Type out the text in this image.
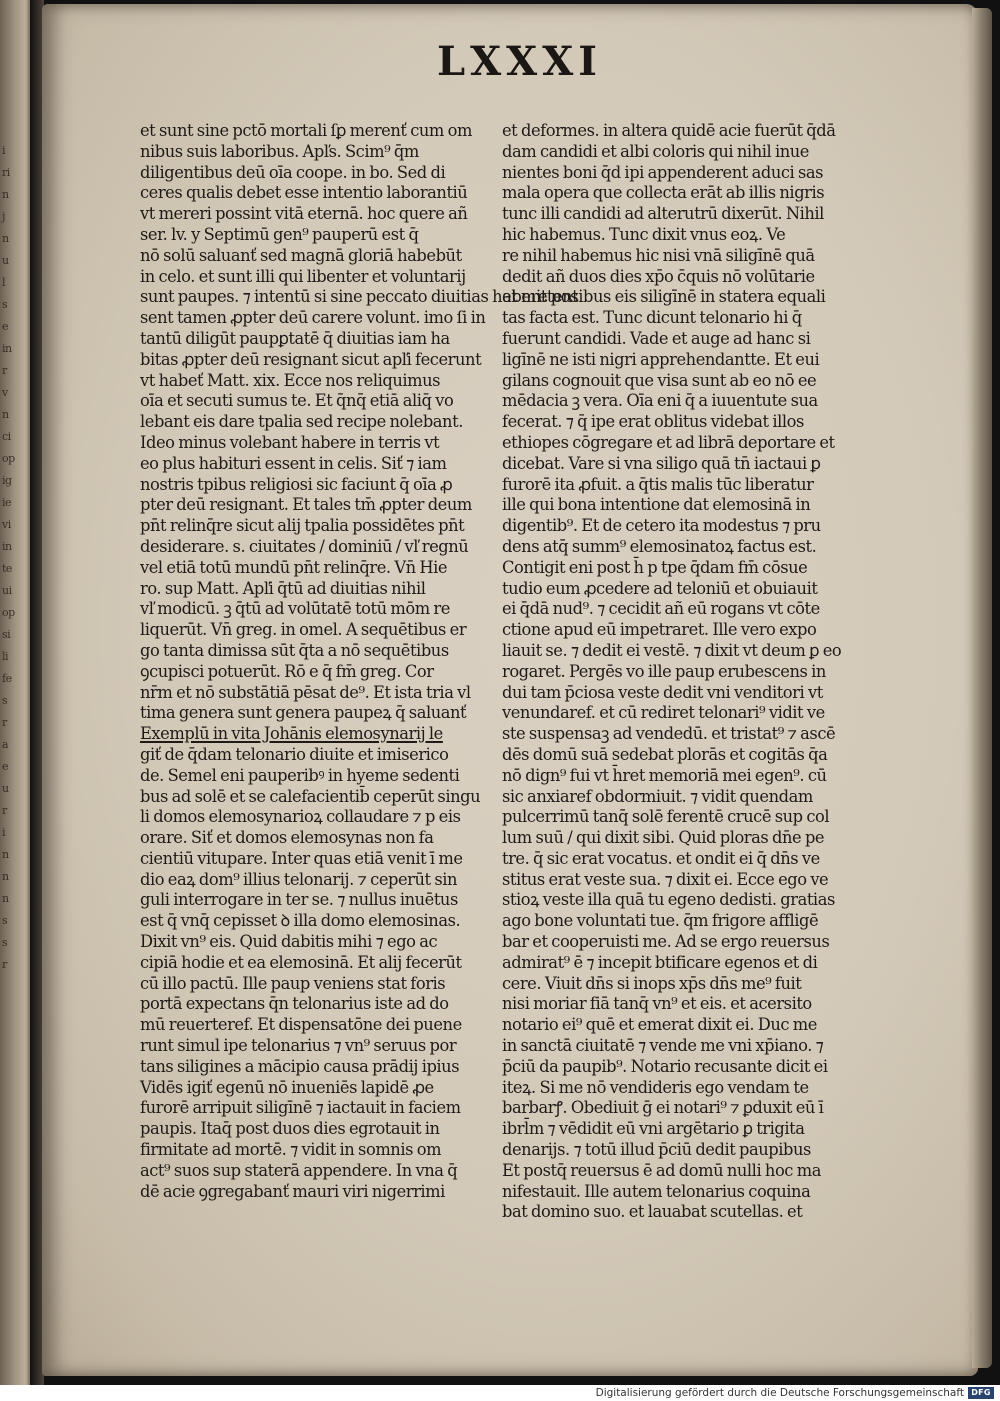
i
ri
n
j
n
u
l
s
e
in
r
v
n
ci
op
ig
ie
vi
in
te
ui
op
si
li
fe
s
r
a
e
u
r
i
n
n
n
s
s
r
LXXXI
et sunt sine pctō mortali ſꝑ merenť cum om
nibus suis laboribus. Apľs. Scim⁹ q̄m
diligentibus deū oīa coope. in bo. Sed di
ceres qualis debet esse intentio laborantiū
vt mereri possint vitā eternā. hoc quere añ
ser. lv. y Septimū gen⁹ pauperū est q̄
nō solū saluanť sed magnā gloriā habebūt
in celo. et sunt illi qui libenter et voluntarij
sunt paupes. ⁊ intentū si sine peccato diuitias habere pos
sent tamen ꝓpter deū carere volunt. imo ſi in
tantū diligūt paupꝑtatē q̄ diuitias iam ha
bitas ꝓpter deū resignant sicut apľi fecerunt
vt habeť Matt. xix. Ecce nos reliquimus
oīa et secuti sumus te. Et q̄nq̄ etiā aliq̄ vo
lebant eis dare tpalia sed recipe nolebant.
Ideo minus volebant habere in terris vt
eo plus habituri essent in celis. Siť ⁊ iam
nostris tpibus religiosi sic faciunt q̄ oīa ꝓ
pter deū resignant. Et tales tm̄ ꝓpter deum
pn̄t relinq̄re sicut alij tpalia possidētes pn̄t
desiderare. s. ciuitates / dominiū / vľ regnū
vel etiā totū mundū pn̄t relinq̄re. Vn̄ Hie
ro. sup Matt. Apľi q̄tū ad diuitias nihil
vľ modicū. ꝫ q̄tū ad volūtatē totū mōm re
liquerūt. Vn̄ greg. in omel. A sequētibus er
go tanta dimissa sūt q̄ta a nō sequētibus
ꝯcupisci potuerūt. Rō e q̄ fm̄ greg. Cor
nr̄m et nō substātiā pēsat de⁹. Et ista tria vl
tima genera sunt genera paupeꝝ q̄ saluanť
Exemplū in vita Johānis elemosynarij le
giť de q̄dam telonario diuite et imiserico
de. Semel eni pauperibꝰ in hyeme sedenti
bus ad solē et se calefacientib̄ ceperūt singu
li domos elemosynarioꝝ collaudare ⁊ p eis
orare. Siť et domos elemosynas non fa
cientiū vitupare. Inter quas etiā venit ī me
dio eaꝝ dom⁹ illius telonarij. ⁊ ceperūt sin
guli interrogare in ter se. ⁊ nullus inuētus
est q̄ vnq̄ cepisset ꝺ illa domo elemosinas.
Dixit vn⁹ eis. Quid dabitis mihi ⁊ ego ac
cipiā hodie et ea elemosinā. Et alij fecerūt
cū illo pactū. Ille paup veniens stat foris
portā expectans q̄n telonarius iste ad do
mū reuerteref. Et dispensatōne dei puene
runt simul ipe telonarius ⁊ vn⁹ seruus por
tans siligines a mācipio causa prādij ipius
Vidēs igiť egenū nō inueniēs lapidē ꝓe
furorē arripuit siligīnē ⁊ iactauit in faciem
paupis. Itaq̄ post duos dies egrotauit in
firmitate ad mortē. ⁊ vidit in somnis om
act⁹ suos sup staterā appendere. In vna q̄
dē acie ꝯgregabanť mauri viri nigerrimi
et deformes. in altera quidē acie fuerūt q̄dā
dam candidi et albi coloris qui nihil inue
nientes boni q̄d ipi appenderent aduci sas
mala opera que collecta erāt ab illis nigris
tunc illi candidi ad alterutrū dixerūt. Nihil
hic habemus. Tunc dixit vnus eoꝝ. Ve
re nihil habemus hic nisi vnā siligīnē quā
dedit añ duos dies xp̄o c̄quis nō volūtarie
et mittentibus eis siligīnē in statera equali
tas facta est. Tunc dicunt telonario hi q̄
fuerunt candidi. Vade et auge ad hanc si
ligīnē ne isti nigri apprehendantte. Et eui
gilans cognouit que visa sunt ab eo nō ee
mēdacia ꝫ vera. Oīa eni q̄ a iuuentute sua
fecerat. ⁊ q̄ ipe erat oblitus videbat illos
ethiopes cōgregare et ad librā deportare et
dicebat. Vare si vna siligo quā tn̄ iactaui ꝑ
furorē ita ꝓfuit. a q̄tis malis tūc liberatur
ille qui bona intentione dat elemosinā in
digentib⁹. Et de cetero ita modestus ⁊ pru
dens atq̄ summ⁹ elemosinatoꝝ factus est.
Contigit eni post h̄ p tpe q̄dam fm̄ cōsue
tudio eum ꝓcedere ad teloniū et obuiauit
ei q̄dā nud⁹. ⁊ cecidit añ eū rogans vt cōte
ctione apud eū impetraret. Ille vero expo
liauit se. ⁊ dedit ei vestē. ⁊ dixit vt deum ꝑ eo
rogaret. Pergēs vo ille paup erubescens in
dui tam p̄ciosa veste dedit vni venditori vt
venundaref. et cū rediret telonari⁹ vidit ve
ste suspensaꝫ ad vendedū. et tristat⁹ ⁊ ascē
dēs domū suā sedebat plorās et cogitās q̄a
nō dign⁹ fui vt h̄ret memoriā mei egen⁹. cū
sic anxiaref obdormiuit. ⁊ vidit quendam
pulcerrimū tanq̄ solē ferentē crucē sup col
lum suū / qui dixit sibi. Quid ploras dn̄e pe
tre. q̄ sic erat vocatus. et ondit ei q̄ dn̄s ve
stitus erat veste sua. ⁊ dixit ei. Ecce ego ve
stioꝝ veste illa quā tu egeno dedisti. gratias
ago bone voluntati tue. q̄m frigore affligē
bar et cooperuisti me. Ad se ergo reuersus
admirat⁹ ē ⁊ incepit btificare egenos et di
cere. Viuit dn̄s si inops xp̄s dn̄s me⁹ fuit
nisi moriar fiā tanq̄ vn⁹ et eis. et acersito
notario ei⁹ quē et emerat dixit ei. Duc me
in sanctā ciuitatē ⁊ vende me vni xp̄iano. ⁊
p̄ciū da paupib⁹. Notario recusante dicit ei
iteꝝ. Si me nō vendideris ego vendam te
barbarꝭ. Obediuit ḡ ei notari⁹ ⁊ ꝑduxit eū ī
ibrl̄m ⁊ vēdidit eū vni argētario ꝑ trigita
denarijs. ⁊ totū illud p̄ciū dedit paupibus
Et postq̄ reuersus ē ad domū nulli hoc ma
nifestauit. Ille autem telonarius coquina
bat domino suo. et lauabat scutellas. et
Digitalisierung gefördert durch die Deutsche Forschungsgemeinschaft DFG
